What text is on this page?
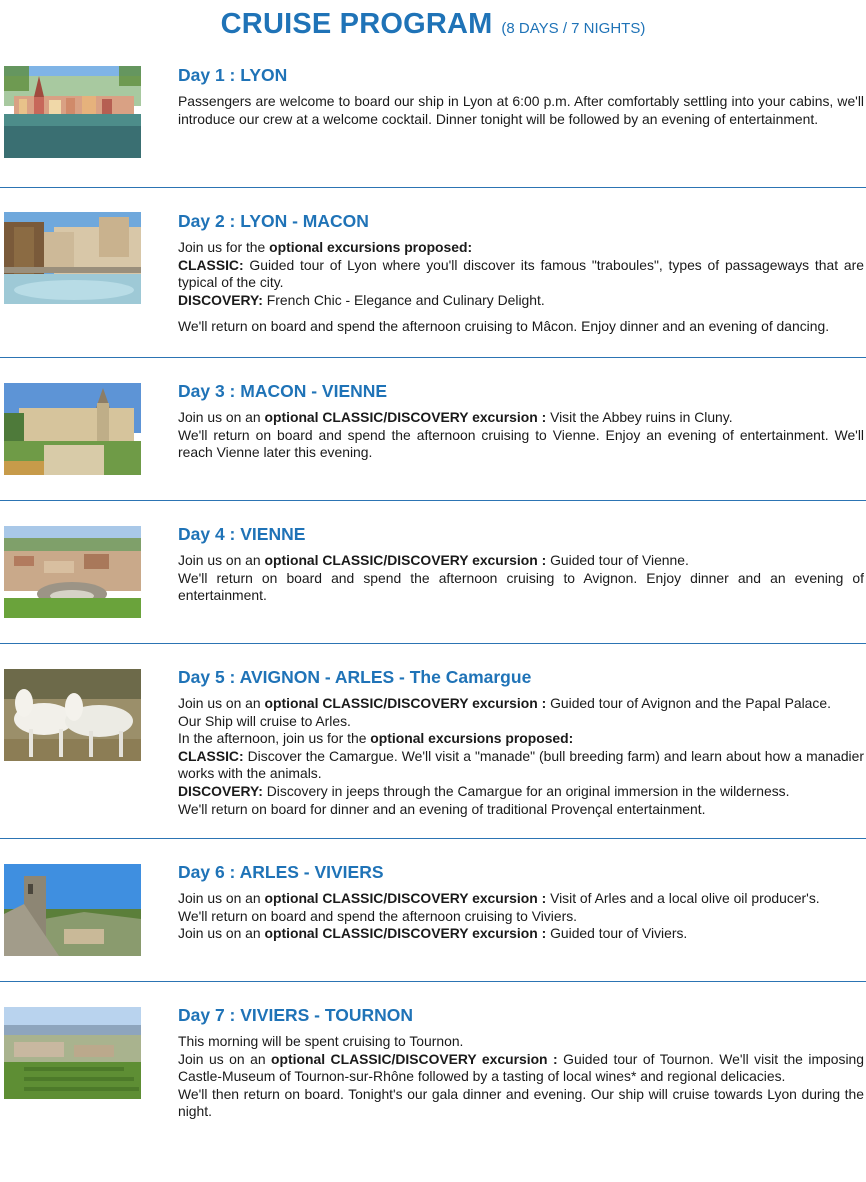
CRUISE PROGRAM (8 DAYS / 7 NIGHTS)
Day 1 : LYON

Passengers are welcome to board our ship in Lyon at 6:00 p.m. After comfortably settling into your cabins, we'll introduce our crew at a welcome cocktail. Dinner tonight will be followed by an evening of entertainment.

Day 2 : LYON - MACON

Join us for the optional excursions proposed:

CLASSIC: Guided tour of Lyon where you'll discover its famous "traboules", types of passageways that are typical of the city.

DISCOVERY: French Chic - Elegance and Culinary Delight.

We'll return on board and spend the afternoon cruising to Mâcon. Enjoy dinner and an evening of dancing.

Day 3 : MACON - VIENNE

Join us on an optional CLASSIC/DISCOVERY excursion : Visit the Abbey ruins in Cluny.

We'll return on board and spend the afternoon cruising to Vienne. Enjoy an evening of entertainment. We'll reach Vienne later this evening.

Day 4 : VIENNE

Join us on an optional CLASSIC/DISCOVERY excursion : Guided tour of Vienne.

We'll return on board and spend the afternoon cruising to Avignon. Enjoy dinner and an evening of entertainment.

Day 5 : AVIGNON - ARLES - The Camargue

Join us on an optional CLASSIC/DISCOVERY excursion : Guided tour of Avignon and the Papal Palace.

Our Ship will cruise to Arles.

In the afternoon, join us for the optional excursions proposed:

CLASSIC: Discover the Camargue. We'll visit a "manade" (bull breeding farm) and learn about how a manadier works with the animals.

DISCOVERY: Discovery in jeeps through the Camargue for an original immersion in the wilderness.

We'll return on board for dinner and an evening of traditional Provençal entertainment.

Day 6 : ARLES - VIVIERS

Join us on an optional CLASSIC/DISCOVERY excursion : Visit of Arles and a local olive oil producer's.

We'll return on board and spend the afternoon cruising to Viviers.

Join us on an optional CLASSIC/DISCOVERY excursion : Guided tour of Viviers.

Day 7 : VIVIERS - TOURNON

This morning will be spent cruising to Tournon.

Join us on an optional CLASSIC/DISCOVERY excursion : Guided tour of Tournon. We'll visit the imposing Castle-Museum of Tournon-sur-Rhône followed by a tasting of local wines* and regional delicacies.

We'll then return on board. Tonight's our gala dinner and evening. Our ship will cruise towards Lyon during the night.
